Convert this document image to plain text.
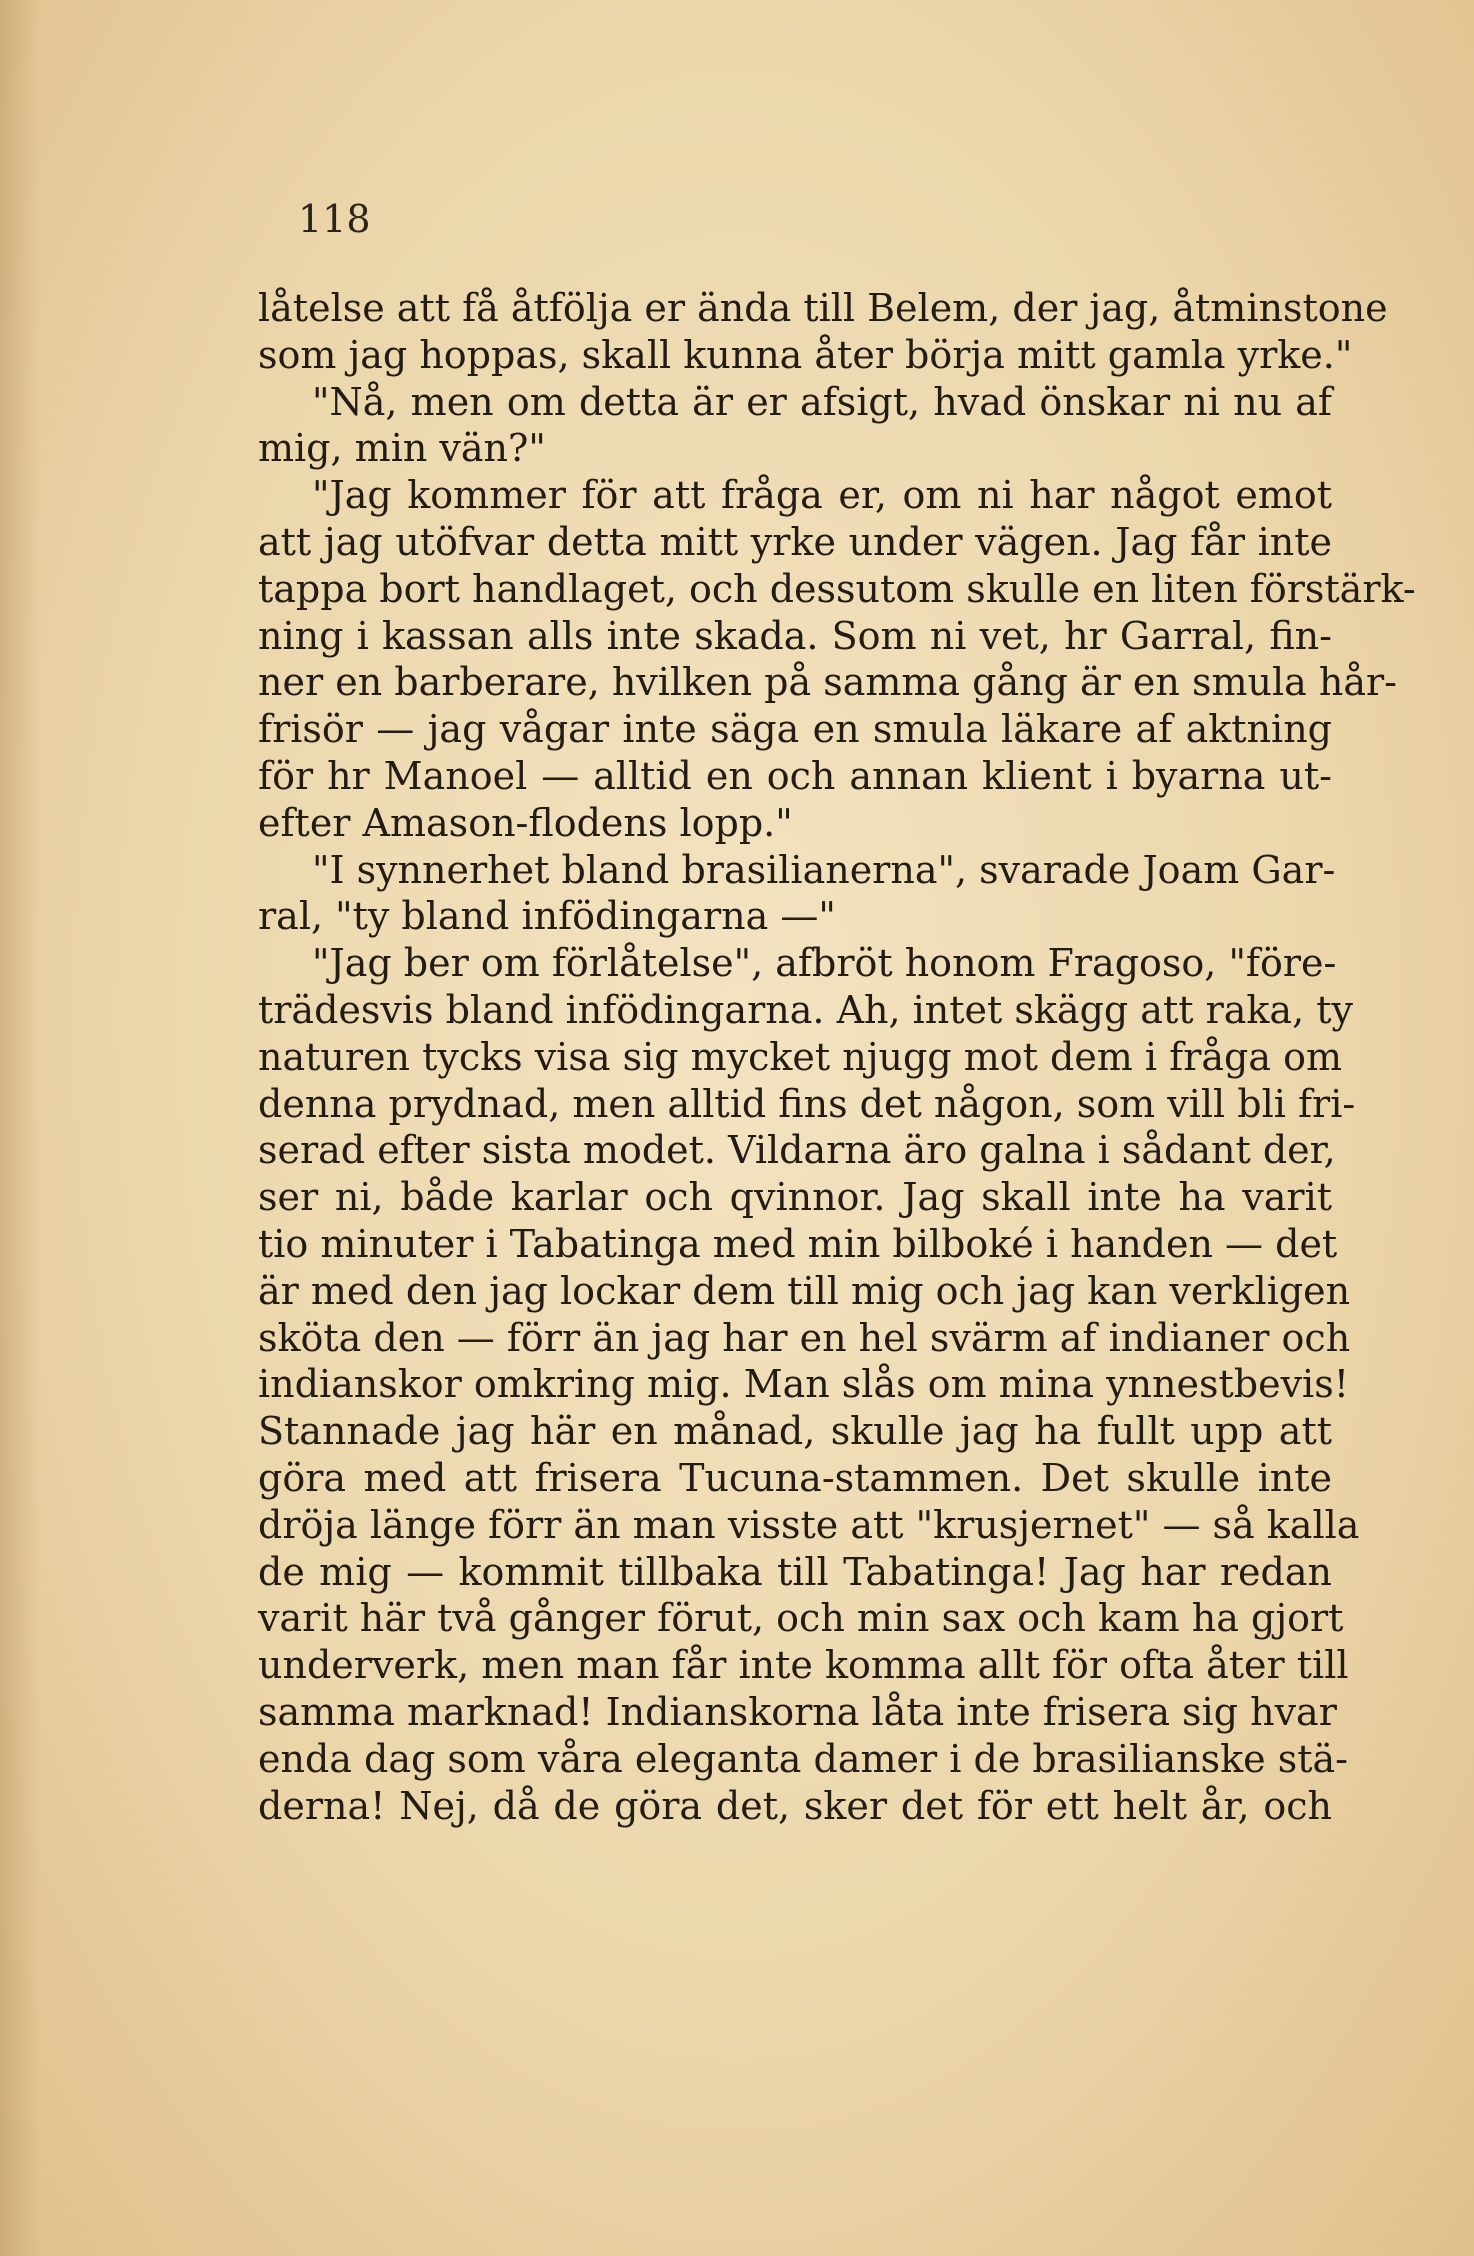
118
låtelse att få åtfölja er ända till Belem, der jag, åtminstone
som jag hoppas, skall kunna åter börja mitt gamla yrke."
"Nå, men om detta är er afsigt, hvad önskar ni nu af
mig, min vän?"
"Jag kommer för att fråga er, om ni har något emot
att jag utöfvar detta mitt yrke under vägen. Jag får inte
tappa bort handlaget, och dessutom skulle en liten förstärk-
ning i kassan alls inte skada. Som ni vet, hr Garral, fin-
ner en barberare, hvilken på samma gång är en smula hår-
frisör — jag vågar inte säga en smula läkare af aktning
för hr Manoel — alltid en och annan klient i byarna ut-
efter Amason-flodens lopp."
"I synnerhet bland brasilianerna", svarade Joam Gar-
ral, "ty bland infödingarna —"
"Jag ber om förlåtelse", afbröt honom Fragoso, "före-
trädesvis bland infödingarna. Ah, intet skägg att raka, ty
naturen tycks visa sig mycket njugg mot dem i fråga om
denna prydnad, men alltid fins det någon, som vill bli fri-
serad efter sista modet. Vildarna äro galna i sådant der,
ser ni, både karlar och qvinnor. Jag skall inte ha varit
tio minuter i Tabatinga med min bilboké i handen — det
är med den jag lockar dem till mig och jag kan verkligen
sköta den — förr än jag har en hel svärm af indianer och
indianskor omkring mig. Man slås om mina ynnestbevis!
Stannade jag här en månad, skulle jag ha fullt upp att
göra med att frisera Tucuna-stammen. Det skulle inte
dröja länge förr än man visste att "krusjernet" — så kalla
de mig — kommit tillbaka till Tabatinga! Jag har redan
varit här två gånger förut, och min sax och kam ha gjort
underverk, men man får inte komma allt för ofta åter till
samma marknad! Indianskorna låta inte frisera sig hvar
enda dag som våra eleganta damer i de brasilianske stä-
derna! Nej, då de göra det, sker det för ett helt år, och
